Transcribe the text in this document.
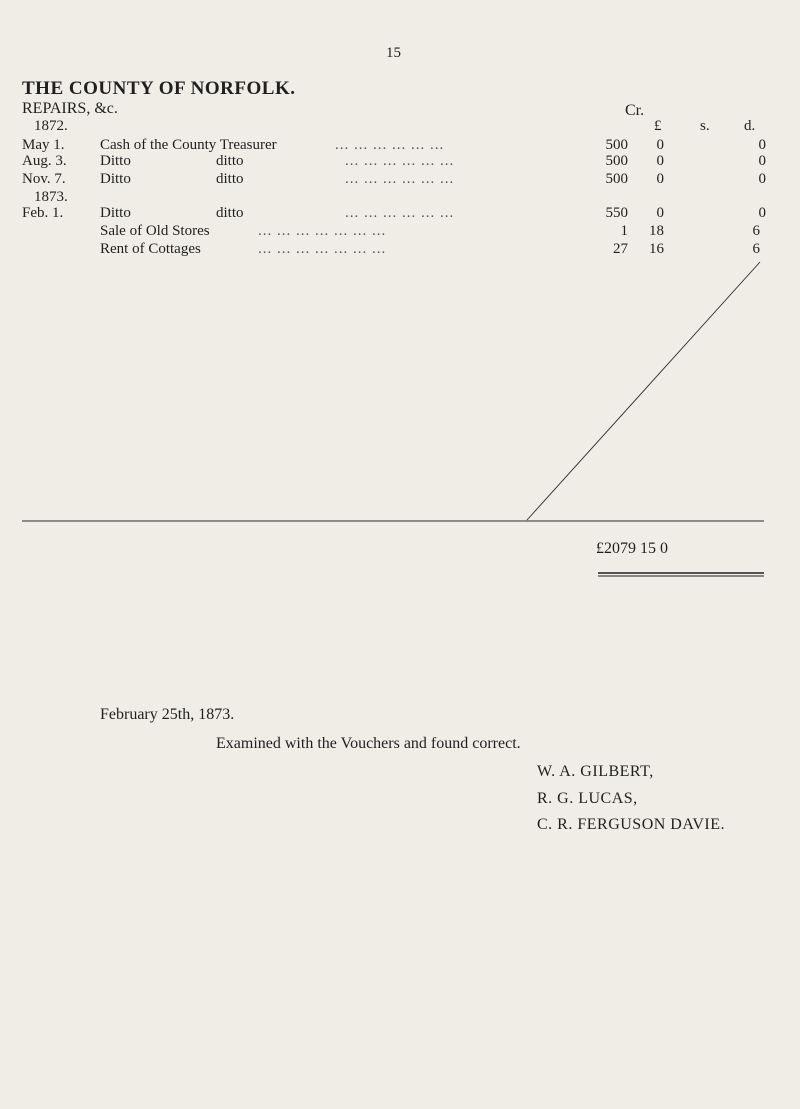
15
THE COUNTY OF NORFOLK.
REPAIRS, &c.	Cr.
£	s. d.
1872.
1873.
May 1. Cash of the County Treasurer	... ... ... ... ... ...	500	0	0
Aug. 3. Ditto	ditto	... ... ... ... ... ...	500	0	0
Nov. 7. Ditto	ditto	... ... ... ... ... ...	500	0	0
Feb. 1. Ditto	ditto	... ... ... ... ... ...	550	0	0
Sale of Old Stores	... ... ... ... ... ... ...	1	18	6
Rent of Cottages	... ... ... ... ... ... ...	27	16	6
£2079 15 0
February 25th, 1873.
Examined with the Vouchers and found correct.
W. A. GILBERT,
R. G. LUCAS,
C. R. FERGUSON DAVIE.
